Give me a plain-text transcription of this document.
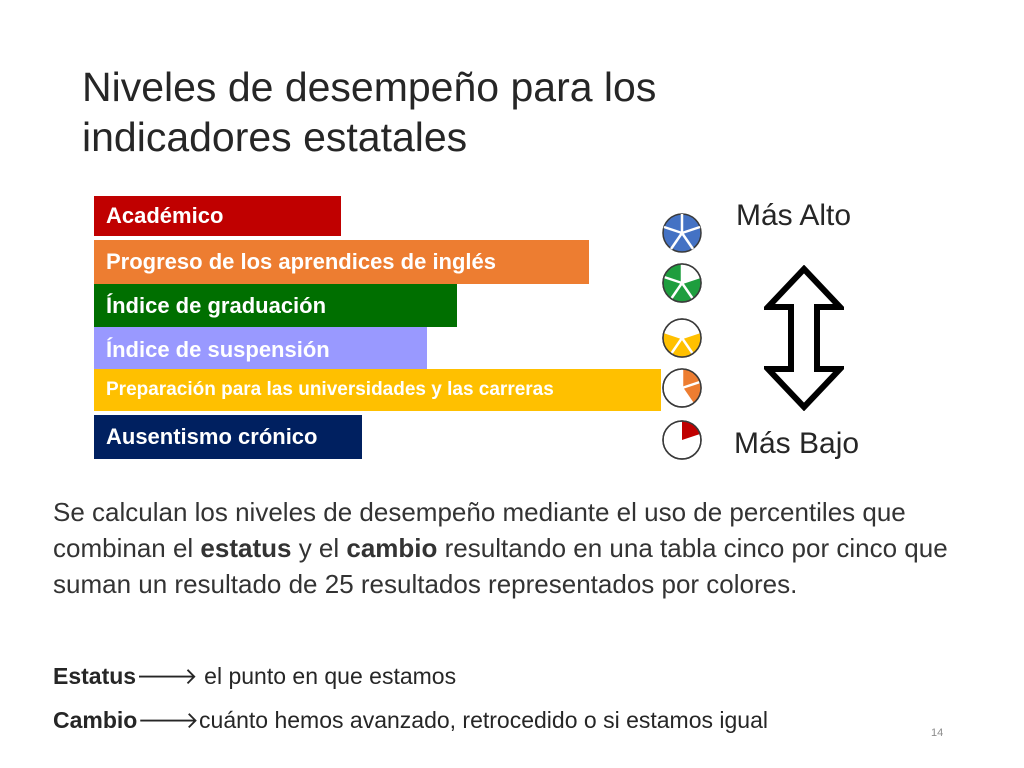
Niveles de desempeño para los
indicadores estatales
Académico
Progreso de los aprendices de inglés
Índice de graduación
Índice de suspensión
Preparación para las universidades y las carreras
Ausentismo crónico
Más Alto
Más Bajo
Se calculan los niveles de desempeño mediante el uso de percentiles que combinan el estatus y el cambio resultando en una tabla cinco por cinco que suman un resultado de 25 resultados representados por colores.
Estatus🡒 el punto en que estamos
Cambio🡒cuánto hemos avanzado, retrocedido o si estamos igual	14
